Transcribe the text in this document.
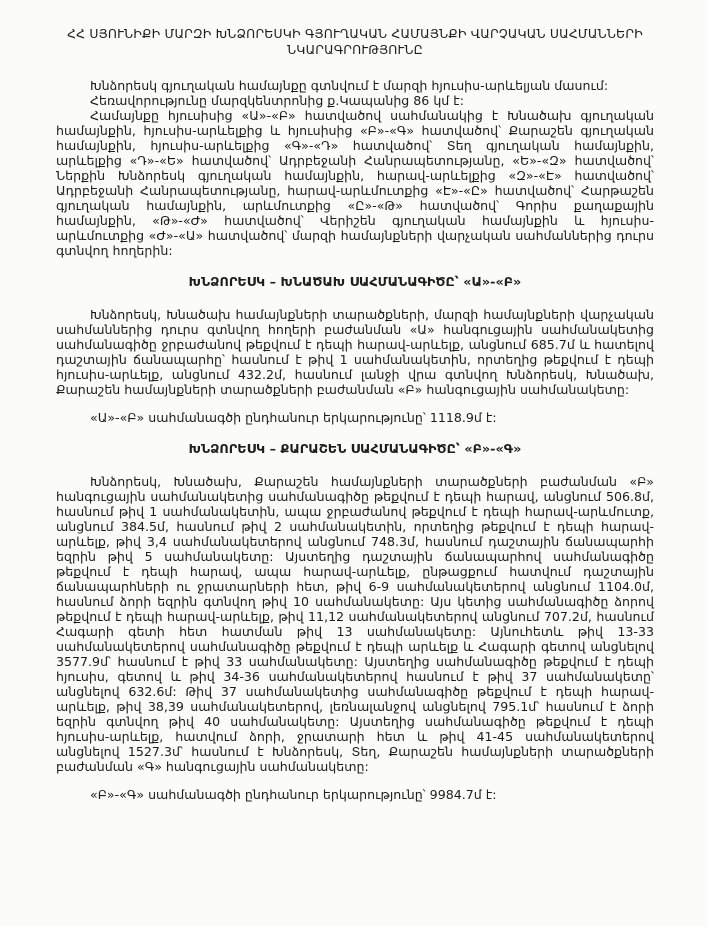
ՀՀ ՍՅՈՒՆԻՔԻ ՄԱՐԶԻ ԽՆՁՈՐԵՍԿԻ ԳՅՈՒՂԱԿԱՆ ՀԱՄԱՅՆՔԻ ՎԱՐՉԱԿԱՆ ՍԱՀՄԱՆՆԵՐԻ
ՆԿԱՐԱԳՐՈՒԹՅՈՒՆԸ

Խնձորեսկ գյուղական համայնքը գտնվում է մարզի հյուսիս-արևելյան մասում:

Հեռավորությունը մարզկենտրոնից ք.Կապանից 86 կմ է:

Համայնքը հյուսիսից «Ա»-«Բ» հատվածով սահմանակից է Խնածախ գյուղական համայնքին, հյուսիս-արևելքից և հյուսիսից «Բ»-«Գ» հատվածով՝ Քարաշեն գյուղական համայնքին, հյուսիս-արևելքից «Գ»-«Դ» հատվածով՝ Տեղ գյուղական համայնքին, արևելքից «Դ»-«Ե» հատվածով՝ Ադրբեջանի Հանրապետությանը, «Ե»-«Զ» հատվածով՝ Ներքին Խնձորեսկ գյուղական համայնքին, հարավ-արևելքից «Զ»-«Է» հատվածով՝ Ադրբեջանի Հանրապետությանը, հարավ-արևմուտքից «Է»-«Ը» հատվածով՝ Հարթաշեն գյուղական համայնքին, արևմուտքից «Ը»-«Թ» հատվածով՝ Գորիս քաղաքային համայնքին, «Թ»-«Ժ» հատվածով՝ Վերիշեն գյուղական համայնքին և հյուսիս-արևմուտքից «Ժ»-«Ա» հատվածով՝ մարզի համայնքների վարչական սահմաններից դուրս գտնվող հողերին:

ԽՆՁՈՐԵՍԿ – ԽՆԱԾԱԽ ՍԱՀՄԱՆԱԳԻԾԸ՝ «Ա»-«Բ»

Խնձորեսկ, Խնածախ համայնքների տարածքների, մարզի համայնքների վարչական սահմաններից դուրս գտնվող հողերի բաժանման «Ա» հանգուցային սահմանակետից սահմանագիծը ջրբաժանով թեքվում է դեպի հարավ-արևելք, անցնում 685.7մ և հատելով դաշտային ճանապարհը՝ հասնում է թիվ 1 սահմանակետին, որտեղից թեքվում է դեպի հյուսիս-արևելք, անցնում 432.2մ, հասնում լանջի վրա գտնվող Խնձորեսկ, Խնածախ, Քարաշեն համայնքների տարածքների բաժանման «Բ» հանգուցային սահմանակետը:

«Ա»-«Բ» սահմանագծի ընդհանուր երկարությունը՝ 1118.9մ է:

ԽՆՁՈՐԵՍԿ – ՔԱՐԱՇԵՆ ՍԱՀՄԱՆԱԳԻԾԸ՝ «Բ»-«Գ»

Խնձորեսկ, Խնածախ, Քարաշեն համայնքների տարածքների բաժանման «Բ» հանգուցային սահմանակետից սահմանագիծը թեքվում է դեպի հարավ, անցնում 506.8մ, հասնում թիվ 1 սահմանակետին, ապա ջրբաժանով թեքվում է դեպի հարավ-արևմուտք, անցնում 384.5մ, հասնում թիվ 2 սահմանակետին, որտեղից թեքվում է դեպի հարավ-արևելք, թիվ 3,4 սահմանակետերով անցնում 748.3մ, հասնում դաշտային ճանապարհի եզրին թիվ 5 սահմանակետը: Այստեղից դաշտային ճանապարհով սահմանագիծը թեքվում է դեպի հարավ, ապա հարավ-արևելք, ընթացքում հատվում դաշտային ճանապարհների ու ջրատարների հետ, թիվ 6-9 սահմանակետերով անցնում 1104.0մ, հասնում ձորի եզրին գտնվող թիվ 10 սահմանակետը: Այս կետից սահմանագիծը ձորով թեքվում է դեպի հարավ-արևելք, թիվ 11,12 սահմանակետերով անցնում 707.2մ, հասնում Հագարի գետի հետ հատման թիվ 13 սահմանակետը: Այնուհետև թիվ 13-33 սահմանակետերով սահմանագիծը թեքվում է դեպի արևելք և Հագարի գետով անցնելով 3577.9մ՝ հասնում է թիվ 33 սահմանակետը: Այստեղից սահմանագիծը թեքվում է դեպի հյուսիս, գետով և թիվ 34-36 սահմանակետերով հասնում է թիվ 37 սահմանակետը՝ անցնելով 632.6մ: Թիվ 37 սահմանակետից սահմանագիծը թեքվում է դեպի հարավ-արևելք, թիվ 38,39 սահմանակետերով, լեռնալանջով անցնելով 795.1մ՝ հասնում է ձորի եզրին գտնվող թիվ 40 սահմանակետը: Այստեղից սահմանագիծը թեքվում է դեպի հյուսիս-արևելք, հատվում ձորի, ջրատարի հետ և թիվ 41-45 սահմանակետերով անցնելով 1527.3մ՝ հասնում է Խնձորեսկ, Տեղ, Քարաշեն համայնքների տարածքների բաժանման «Գ» հանգուցային սահմանակետը:

«Բ»-«Գ» սահմանագծի ընդհանուր երկարությունը՝ 9984.7մ է:
